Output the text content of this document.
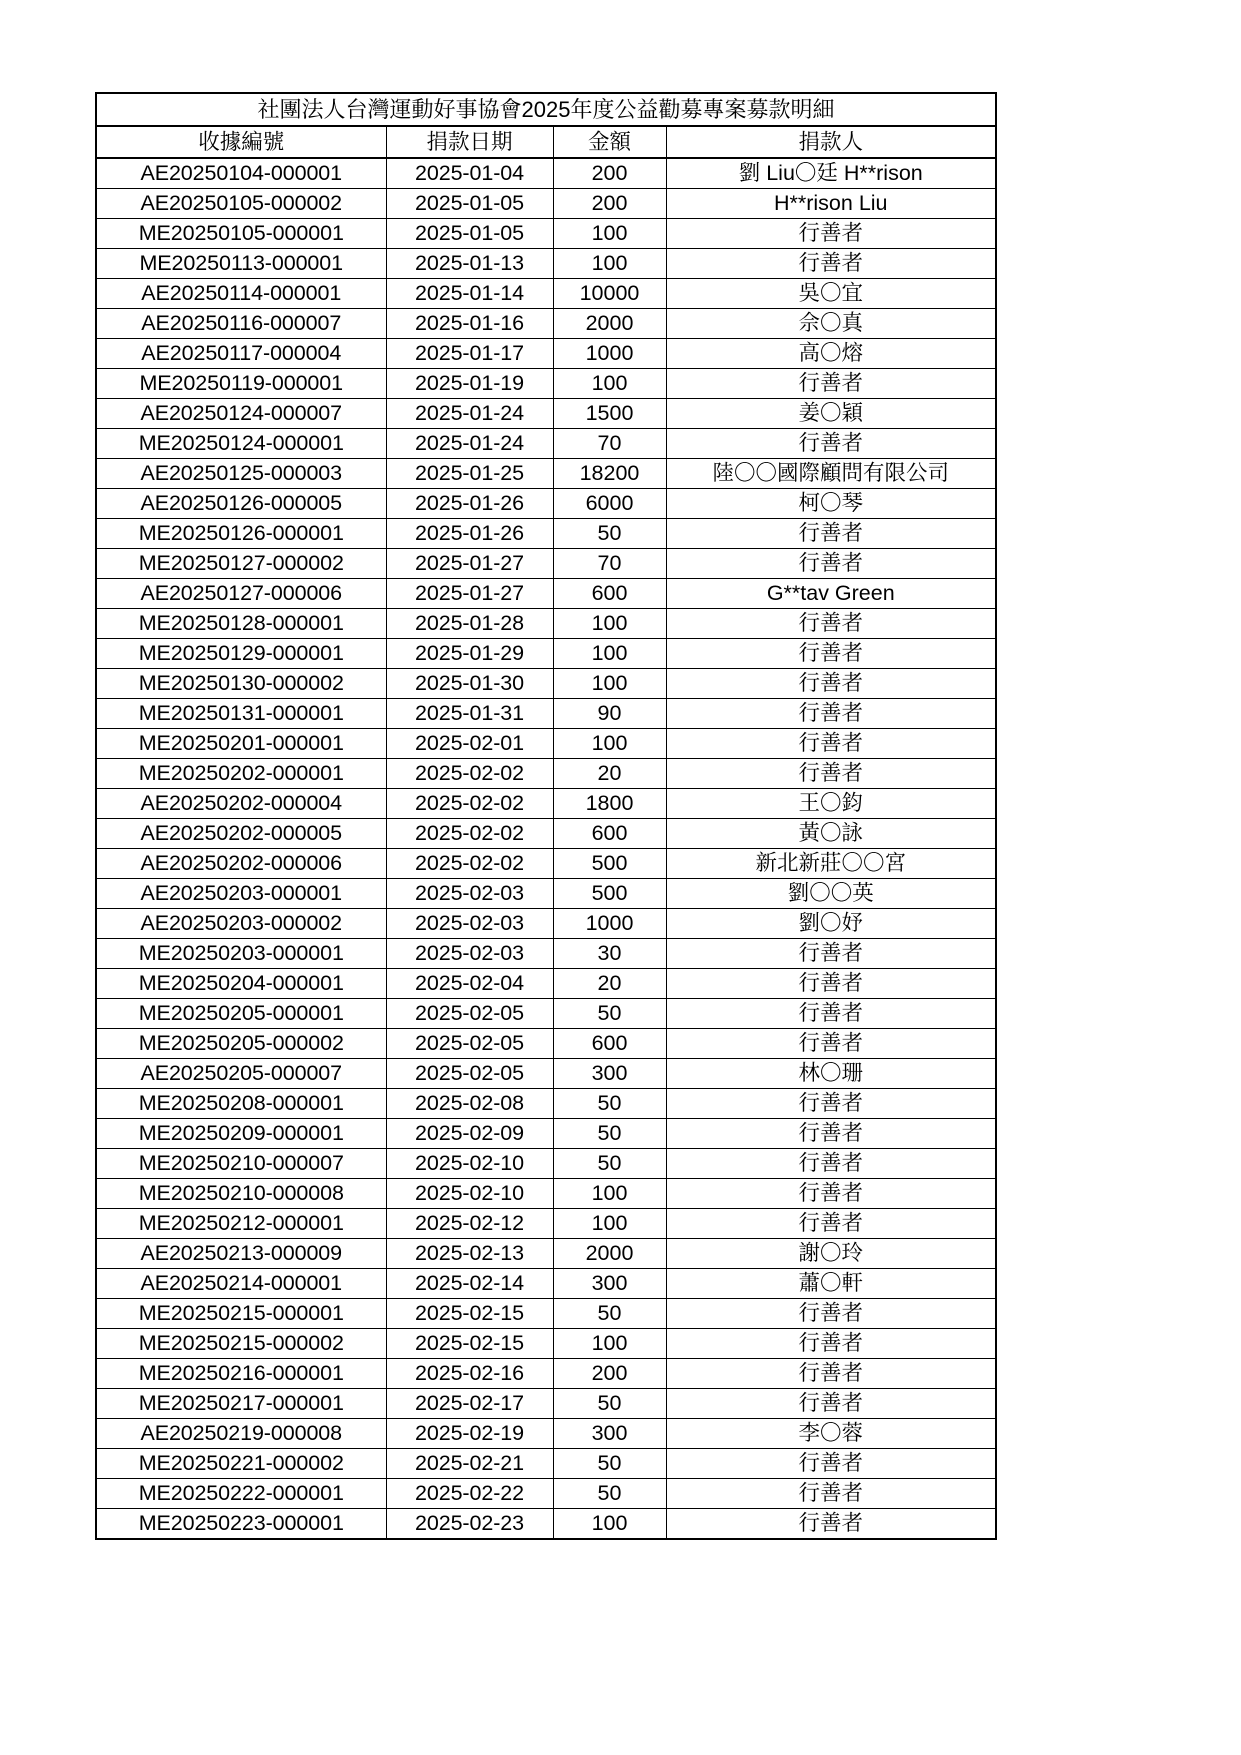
社團法人台灣運動好事協會2025年度公益勸募專案募款明細			
收據編號	捐款日期	金額	捐款人
AE20250104-000001	2025-01-04	200	劉 Liu〇廷 H**rison
AE20250105-000002	2025-01-05	200	H**rison Liu
ME20250105-000001	2025-01-05	100	行善者
ME20250113-000001	2025-01-13	100	行善者
AE20250114-000001	2025-01-14	10000	吳〇宜
AE20250116-000007	2025-01-16	2000	佘〇真
AE20250117-000004	2025-01-17	1000	高〇熔
ME20250119-000001	2025-01-19	100	行善者
AE20250124-000007	2025-01-24	1500	姜〇穎
ME20250124-000001	2025-01-24	70	行善者
AE20250125-000003	2025-01-25	18200	陸〇〇國際顧問有限公司
AE20250126-000005	2025-01-26	6000	柯〇琴
ME20250126-000001	2025-01-26	50	行善者
ME20250127-000002	2025-01-27	70	行善者
AE20250127-000006	2025-01-27	600	G**tav Green
ME20250128-000001	2025-01-28	100	行善者
ME20250129-000001	2025-01-29	100	行善者
ME20250130-000002	2025-01-30	100	行善者
ME20250131-000001	2025-01-31	90	行善者
ME20250201-000001	2025-02-01	100	行善者
ME20250202-000001	2025-02-02	20	行善者
AE20250202-000004	2025-02-02	1800	王〇鈞
AE20250202-000005	2025-02-02	600	黃〇詠
AE20250202-000006	2025-02-02	500	新北新莊〇〇宮
AE20250203-000001	2025-02-03	500	劉〇〇英
AE20250203-000002	2025-02-03	1000	劉〇妤
ME20250203-000001	2025-02-03	30	行善者
ME20250204-000001	2025-02-04	20	行善者
ME20250205-000001	2025-02-05	50	行善者
ME20250205-000002	2025-02-05	600	行善者
AE20250205-000007	2025-02-05	300	林〇珊
ME20250208-000001	2025-02-08	50	行善者
ME20250209-000001	2025-02-09	50	行善者
ME20250210-000007	2025-02-10	50	行善者
ME20250210-000008	2025-02-10	100	行善者
ME20250212-000001	2025-02-12	100	行善者
AE20250213-000009	2025-02-13	2000	謝〇玲
AE20250214-000001	2025-02-14	300	蕭〇軒
ME20250215-000001	2025-02-15	50	行善者
ME20250215-000002	2025-02-15	100	行善者
ME20250216-000001	2025-02-16	200	行善者
ME20250217-000001	2025-02-17	50	行善者
AE20250219-000008	2025-02-19	300	李〇蓉
ME20250221-000002	2025-02-21	50	行善者
ME20250222-000001	2025-02-22	50	行善者
ME20250223-000001	2025-02-23	100	行善者
